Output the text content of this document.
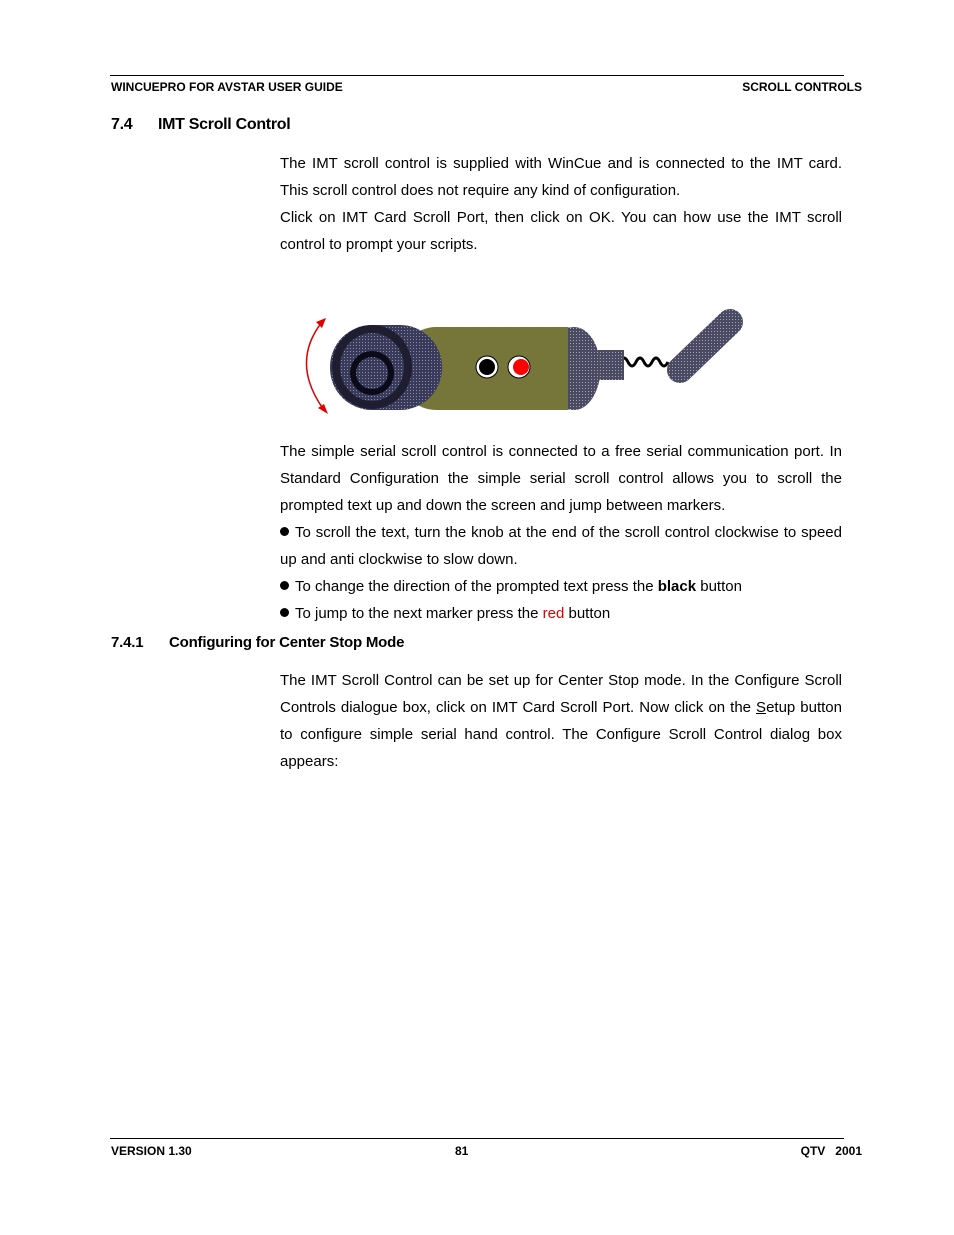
WINCUEPRO FOR AVSTAR USER GUIDE	SCROLL CONTROLS
7.4 IMT Scroll Control

The IMT scroll control is supplied with WinCue and is connected to the IMT card. This scroll control does not require any kind of configuration.

Click on IMT Card Scroll Port, then click on OK. You can how use the IMT scroll control to prompt your scripts.

The simple serial scroll control is connected to a free serial communication port. In Standard Configuration the simple serial scroll control allows you to scroll the prompted text up and down the screen and jump between markers.

To scroll the text, turn the knob at the end of the scroll control clockwise to speed up and anti clockwise to slow down.

To change the direction of the prompted text press the black button

To jump to the next marker press the red button

7.4.1 Configuring for Center Stop Mode

The IMT Scroll Control can be set up for Center Stop mode. In the Configure Scroll Controls dialogue box, click on IMT Card Scroll Port. Now click on the Setup button to configure simple serial hand control. The Configure Scroll Control dialog box appears:

VERSION 1.30	81	QTV   2001
